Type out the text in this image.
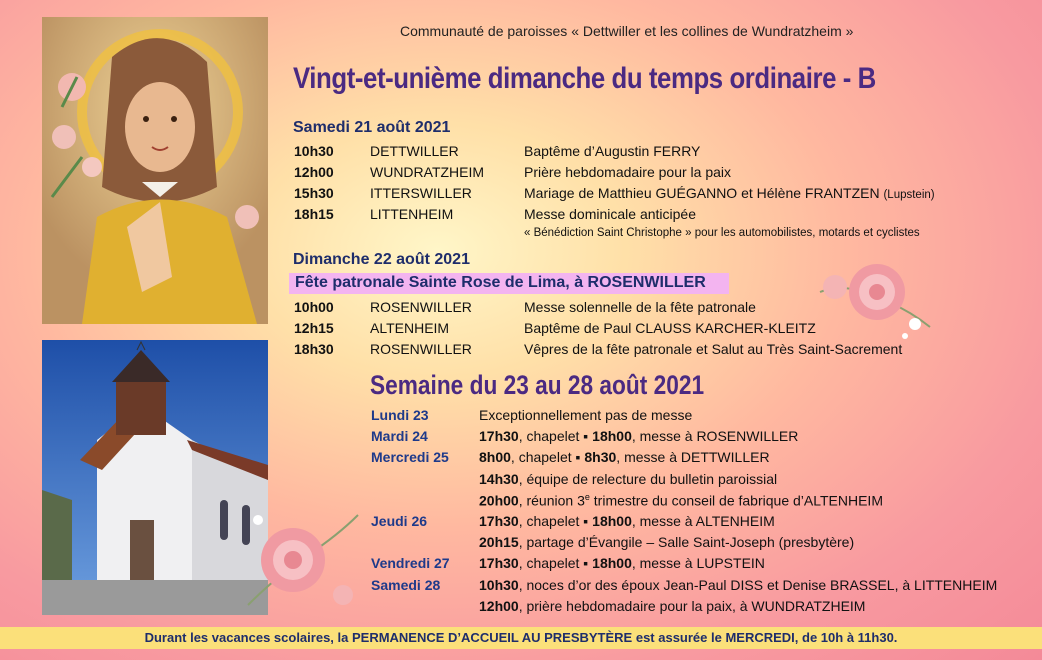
Communauté de paroisses « Dettwiller et les collines de Wundratzheim »
Vingt-et-unième dimanche du temps ordinaire - B
Samedi 21 août 2021
10h30	DETTWILLER	Baptême d’Augustin FERRY
12h00	WUNDRATZHEIM	Prière hebdomadaire pour la paix
15h30	ITTERSWILLER	Mariage de Matthieu GUÉGANNO et Hélène FRANTZEN (Lupstein)
18h15	LITTENHEIM	Messe dominicale anticipée
« Bénédiction Saint Christophe » pour les automobilistes, motards et cyclistes
Dimanche 22 août 2021
Fête patronale Sainte Rose de Lima, à ROSENWILLER
10h00	ROSENWILLER	Messe solennelle de la fête patronale
12h15	ALTENHEIM	Baptême de Paul CLAUSS KARCHER-KLEITZ
18h30	ROSENWILLER	Vêpres de la fête patronale et Salut au Très Saint-Sacrement
Semaine du 23 au 28 août 2021
Lundi 23	Exceptionnellement pas de messe
Mardi 24	17h30, chapelet ▪ 18h00, messe à ROSENWILLER
Mercredi 25 8h00, chapelet ▪ 8h30, messe à DETTWILLER
14h30, équipe de relecture du bulletin paroissial
20h00, réunion 3e trimestre du conseil de fabrique d’ALTENHEIM
Jeudi 26	17h30, chapelet ▪ 18h00, messe à ALTENHEIM
20h15, partage d’Évangile – Salle Saint-Joseph (presbytère)
Vendredi 27 17h30, chapelet ▪ 18h00, messe à LUPSTEIN
Samedi 28	10h30, noces d’or des époux Jean-Paul DISS et Denise BRASSEL, à LITTENHEIM
12h00, prière hebdomadaire pour la paix, à WUNDRATZHEIM
Durant les vacances scolaires, la PERMANENCE D’ACCUEIL AU PRESBYTÈRE est assurée le MERCREDI, de 10h à 11h30.
